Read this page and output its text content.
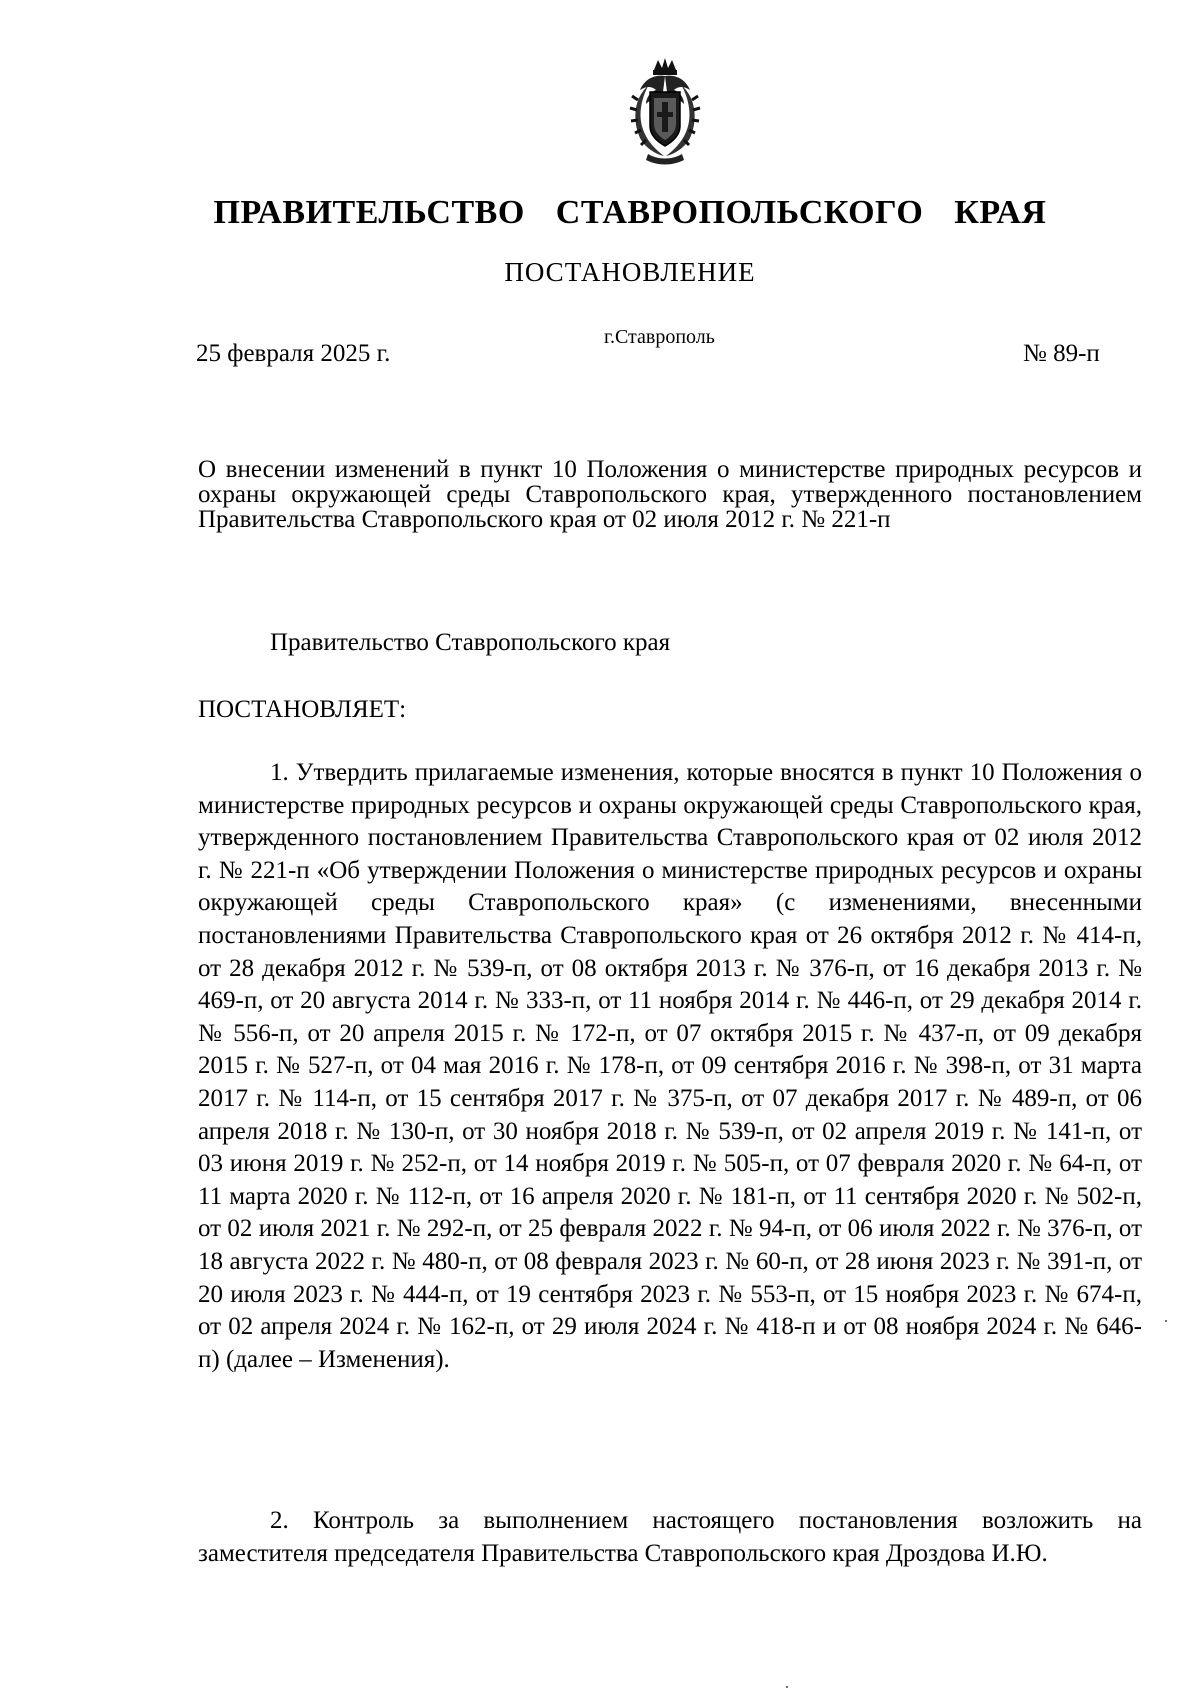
ПРАВИТЕЛЬСТВО СТАВРОПОЛЬСКОГО КРАЯ
ПОСТАНОВЛЕНИЕ
25 февраля 2025 г.
г.Ставрополь
№ 89-п
О внесении изменений в пункт 10 Положения о министерстве природных ресурсов и охраны окружающей среды Ставропольского края, утвержденного постановлением Правительства Ставропольского края от 02 июля 2012 г. № 221-п
Правительство Ставропольского края
ПОСТАНОВЛЯЕТ:
1. Утвердить прилагаемые изменения, которые вносятся в пункт 10 Положения о министерстве природных ресурсов и охраны окружающей среды Ставропольского края, утвержденного постановлением Правительства Ставропольского края от 02 июля 2012 г. № 221-п «Об утверждении Положения о министерстве природных ресурсов и охраны окружающей среды Ставропольского края» (с изменениями, внесенными постановлениями Правительства Ставропольского края от 26 октября 2012 г. № 414-п, от 28 декабря 2012 г. № 539-п, от 08 октября 2013 г. № 376-п, от 16 декабря 2013 г. № 469-п, от 20 августа 2014 г. № 333-п, от 11 ноября 2014 г. № 446-п, от 29 декабря 2014 г. № 556-п, от 20 апреля 2015 г. № 172-п, от 07 октября 2015 г. № 437-п, от 09 декабря 2015 г. № 527-п, от 04 мая 2016 г. № 178-п, от 09 сентября 2016 г. № 398-п, от 31 марта 2017 г. № 114-п, от 15 сентября 2017 г. № 375-п, от 07 декабря 2017 г. № 489-п, от 06 апреля 2018 г. № 130-п, от 30 ноября 2018 г. № 539-п, от 02 апреля 2019 г. № 141-п, от 03 июня 2019 г. № 252-п, от 14 ноября 2019 г. № 505-п, от 07 февраля 2020 г. № 64-п, от 11 марта 2020 г. № 112-п, от 16 апреля 2020 г. № 181-п, от 11 сентября 2020 г. № 502-п, от 02 июля 2021 г. № 292-п, от 25 февраля 2022 г. № 94-п, от 06 июля 2022 г. № 376-п, от 18 августа 2022 г. № 480-п, от 08 февраля 2023 г. № 60-п, от 28 июня 2023 г. № 391-п, от 20 июля 2023 г. № 444-п, от 19 сентября 2023 г. № 553-п, от 15 ноября 2023 г. № 674-п, от 02 апреля 2024 г. № 162-п, от 29 июля 2024 г. № 418-п и от 08 ноября 2024 г. № 646-п) (далее – Изменения).
2. Контроль за выполнением настоящего постановления возложить на заместителя председателя Правительства Ставропольского края Дроздова И.Ю.
